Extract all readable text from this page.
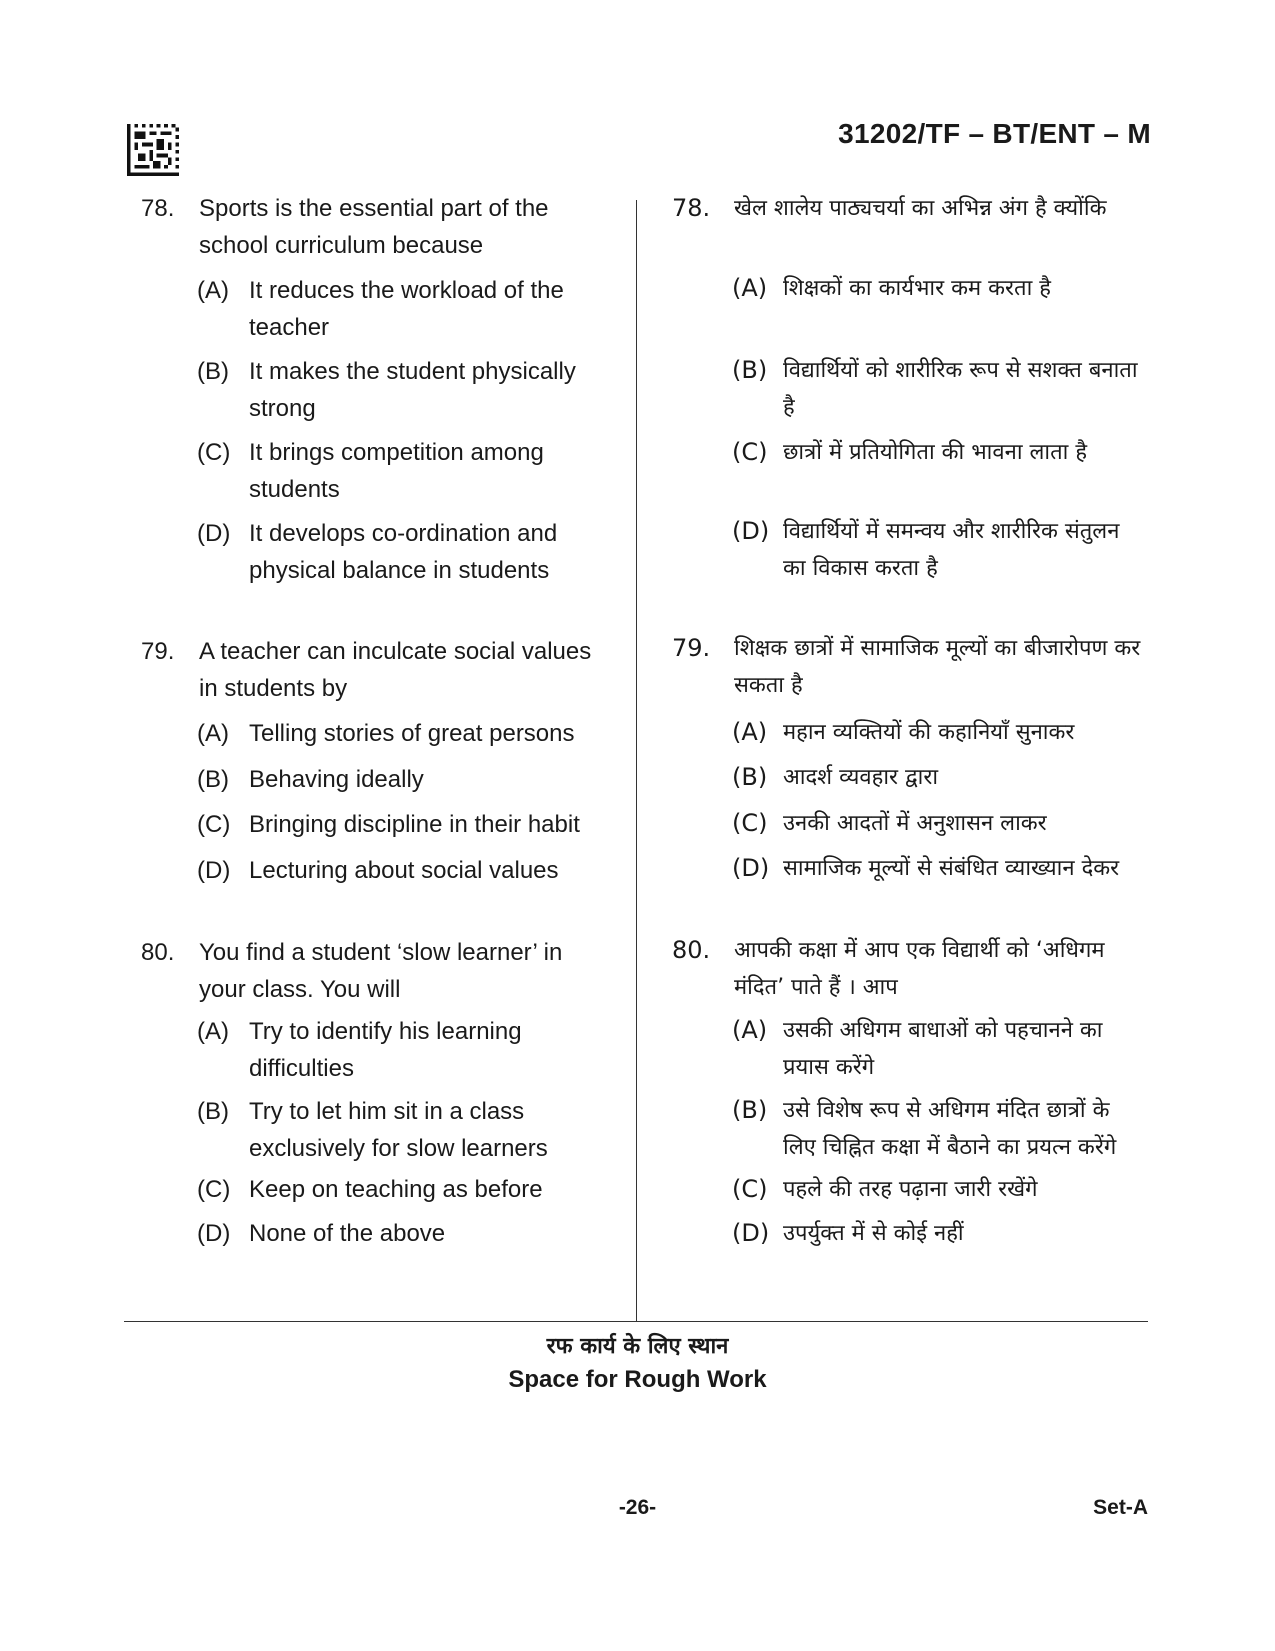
31202/TF – BT/ENT – M
78. Sports is the essential part of the school curriculum because
(A) It reduces the workload of the teacher
(B) It makes the student physically strong
(C) It brings competition among students
(D) It develops co-ordination and physical balance in students
79. A teacher can inculcate social values in students by
(A) Telling stories of great persons
(B) Behaving ideally
(C) Bringing discipline in their habit
(D) Lecturing about social values
80. You find a student ‘slow learner’ in your class. You will
(A) Try to identify his learning difficulties
(B) Try to let him sit in a class exclusively for slow learners
(C) Keep on teaching as before
(D) None of the above
78. खेल शालेय पाठ्यचर्या का अभिन्न अंग है क्योंकि
(A) शिक्षकों का कार्यभार कम करता है
(B) विद्यार्थियों को शारीरिक रूप से सशक्त बनाता है
(C) छात्रों में प्रतियोगिता की भावना लाता है
(D) विद्यार्थियों में समन्वय और शारीरिक संतुलन का विकास करता है
79. शिक्षक छात्रों में सामाजिक मूल्यों का बीजारोपण कर सकता है
(A) महान व्यक्तियों की कहानियाँ सुनाकर
(B) आदर्श व्यवहार द्वारा
(C) उनकी आदतों में अनुशासन लाकर
(D) सामाजिक मूल्यों से संबंधित व्याख्यान देकर
80. आपकी कक्षा में आप एक विद्यार्थी को ‘अधिगम मंदित’ पाते हैं । आप
(A) उसकी अधिगम बाधाओं को पहचानने का प्रयास करेंगे
(B) उसे विशेष रूप से अधिगम मंदित छात्रों के लिए चिह्नित कक्षा में बैठाने का प्रयत्न करेंगे
(C) पहले की तरह पढ़ाना जारी रखेंगे
(D) उपर्युक्त में से कोई नहीं
रफ कार्य के लिए स्थान
Space for Rough Work
-26-	Set-A
